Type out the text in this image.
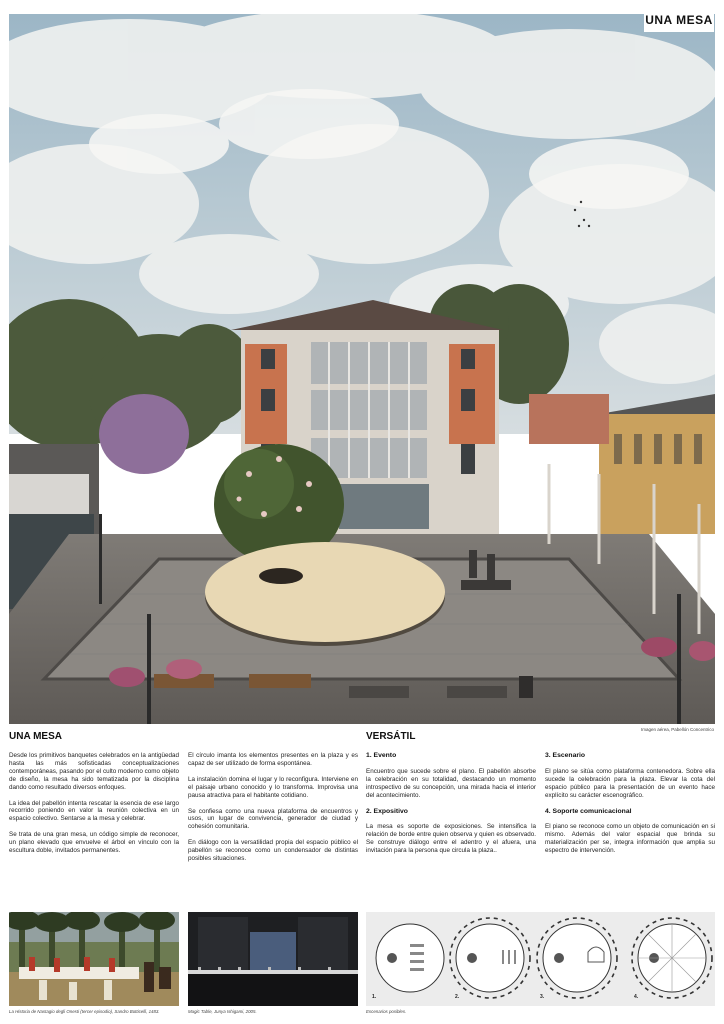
UNA MESA
Imagen aérea, Pabellón Concentrico
UNA MESA	VERSÁTIL

Desde los primitivos banquetes celebrados en la antigüedad hasta las más sofisticadas conceptualizaciones contemporáneas, pasando por el culto moderno como objeto de diseño, la mesa ha sido tematizada por la disciplina dando como resultado diversos enfoques.

La idea del pabellón intenta rescatar la esencia de ese largo recorrido poniendo en valor la reunión colectiva en un espacio colectivo. Sentarse a la mesa y celebrar.

Se trata de una gran mesa, un código simple de reconocer, un plano elevado que envuelve el árbol en vínculo con la escultura doble, invitados permanentes.

El círculo imanta los elementos presentes en la plaza y es capaz de ser utilizado de forma espontánea.

La instalación domina el lugar y lo reconfigura. Interviene en el paisaje urbano conocido y lo transforma. Improvisa una pausa atractiva para el habitante cotidiano.

Se confiesa como una nueva plataforma de encuentros y usos, un lugar de convivencia, generador de ciudad y cohesión comunitaria.

En diálogo con la versatilidad propia del espacio público el pabellón se reconoce como un condensador de distintas posibles situaciones.

1. Evento

Encuentro que sucede sobre el plano. El pabellón absorbe la celebración en su totalidad, destacando un momento introspectivo de su concepción, una mirada hacia el interior del acontecimiento.

2. Expositivo

La mesa es soporte de exposiciones. Se intensifica la relación de borde entre quien observa y quien es observado. Se construye diálogo entre el adentro y el afuera, una invitación para la persona que circula la plaza..

3. Escenario

El plano se sitúa como plataforma contenedora. Sobre ella sucede la celebración para la plaza. Elevar la cota del espacio público para la presentación de un evento hace explícito su carácter escenográfico.

4. Soporte comunicacional

El piano se reconoce como un objeto de comunicación en si mismo. Además del valor espacial que brinda su materialización per se, integra información que amplia su espectro de intervención.

La Historia de Nastagio degli Onesti (tercer episodio), Sandro Botticelli, 1483.	Magic Table, Junya Ishigami, 2005.
1.	2.	3.	4.
Escenarios posibles.
